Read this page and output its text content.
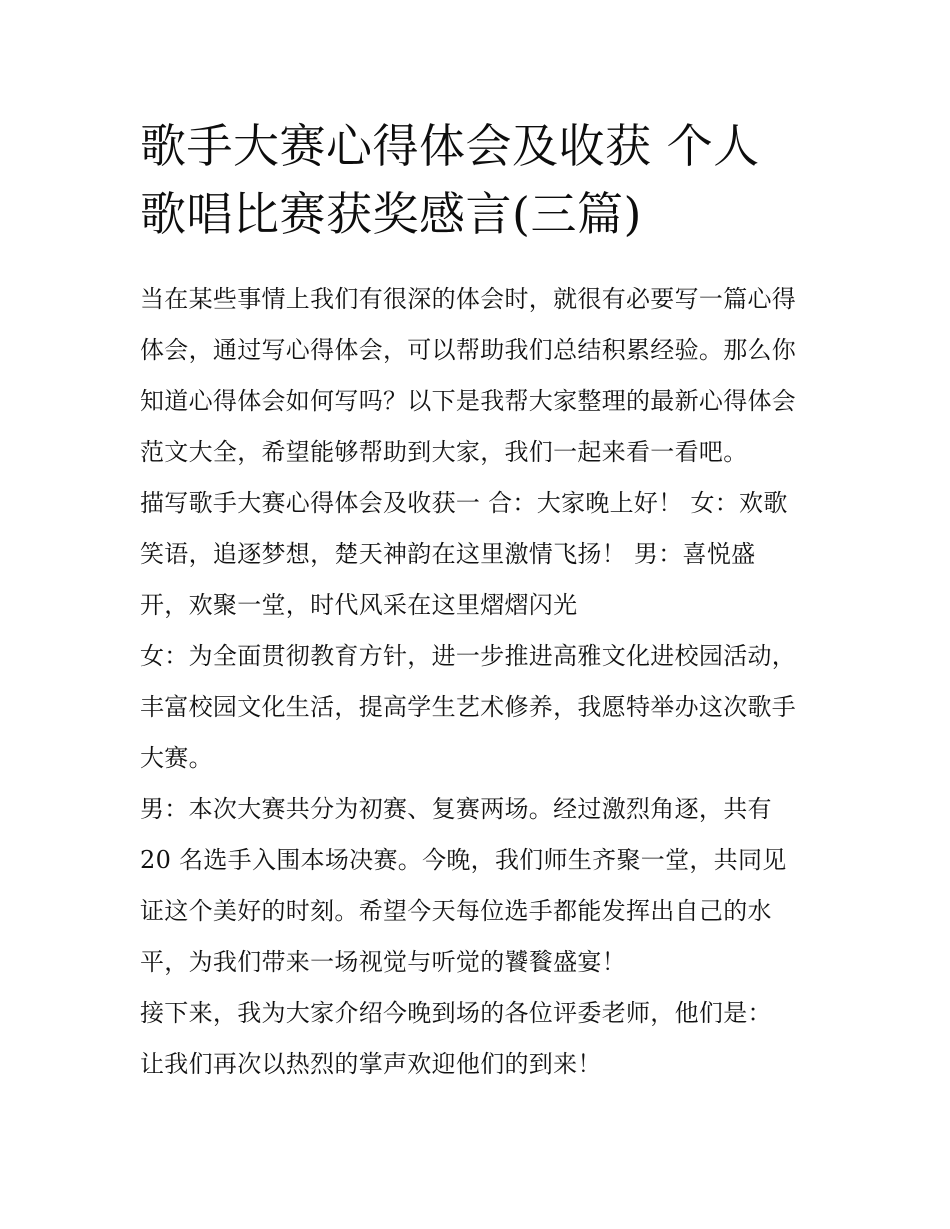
歌手大赛心得体会及收获 个人
歌唱比赛获奖感言(三篇)

当在某些事情上我们有很深的体会时，就很有必要写一篇心得
体会，通过写心得体会，可以帮助我们总结积累经验。那么你
知道心得体会如何写吗？以下是我帮大家整理的最新心得体会
范文大全，希望能够帮助到大家，我们一起来看一看吧。

描写歌手大赛心得体会及收获一 合：大家晚上好！ 女：欢歌
笑语，追逐梦想，楚天神韵在这里激情飞扬！ 男：喜悦盛
开，欢聚一堂，时代风采在这里熠熠闪光

女：为全面贯彻教育方针，进一步推进高雅文化进校园活动，
丰富校园文化生活，提高学生艺术修养，我愿特举办这次歌手
大赛。

男：本次大赛共分为初赛、复赛两场。经过激烈角逐，共有
20 名选手入围本场决赛。今晚，我们师生齐聚一堂，共同见
证这个美好的时刻。希望今天每位选手都能发挥出自己的水
平，为我们带来一场视觉与听觉的饕餮盛宴！

接下来，我为大家介绍今晚到场的各位评委老师，他们是：

让我们再次以热烈的掌声欢迎他们的到来！
